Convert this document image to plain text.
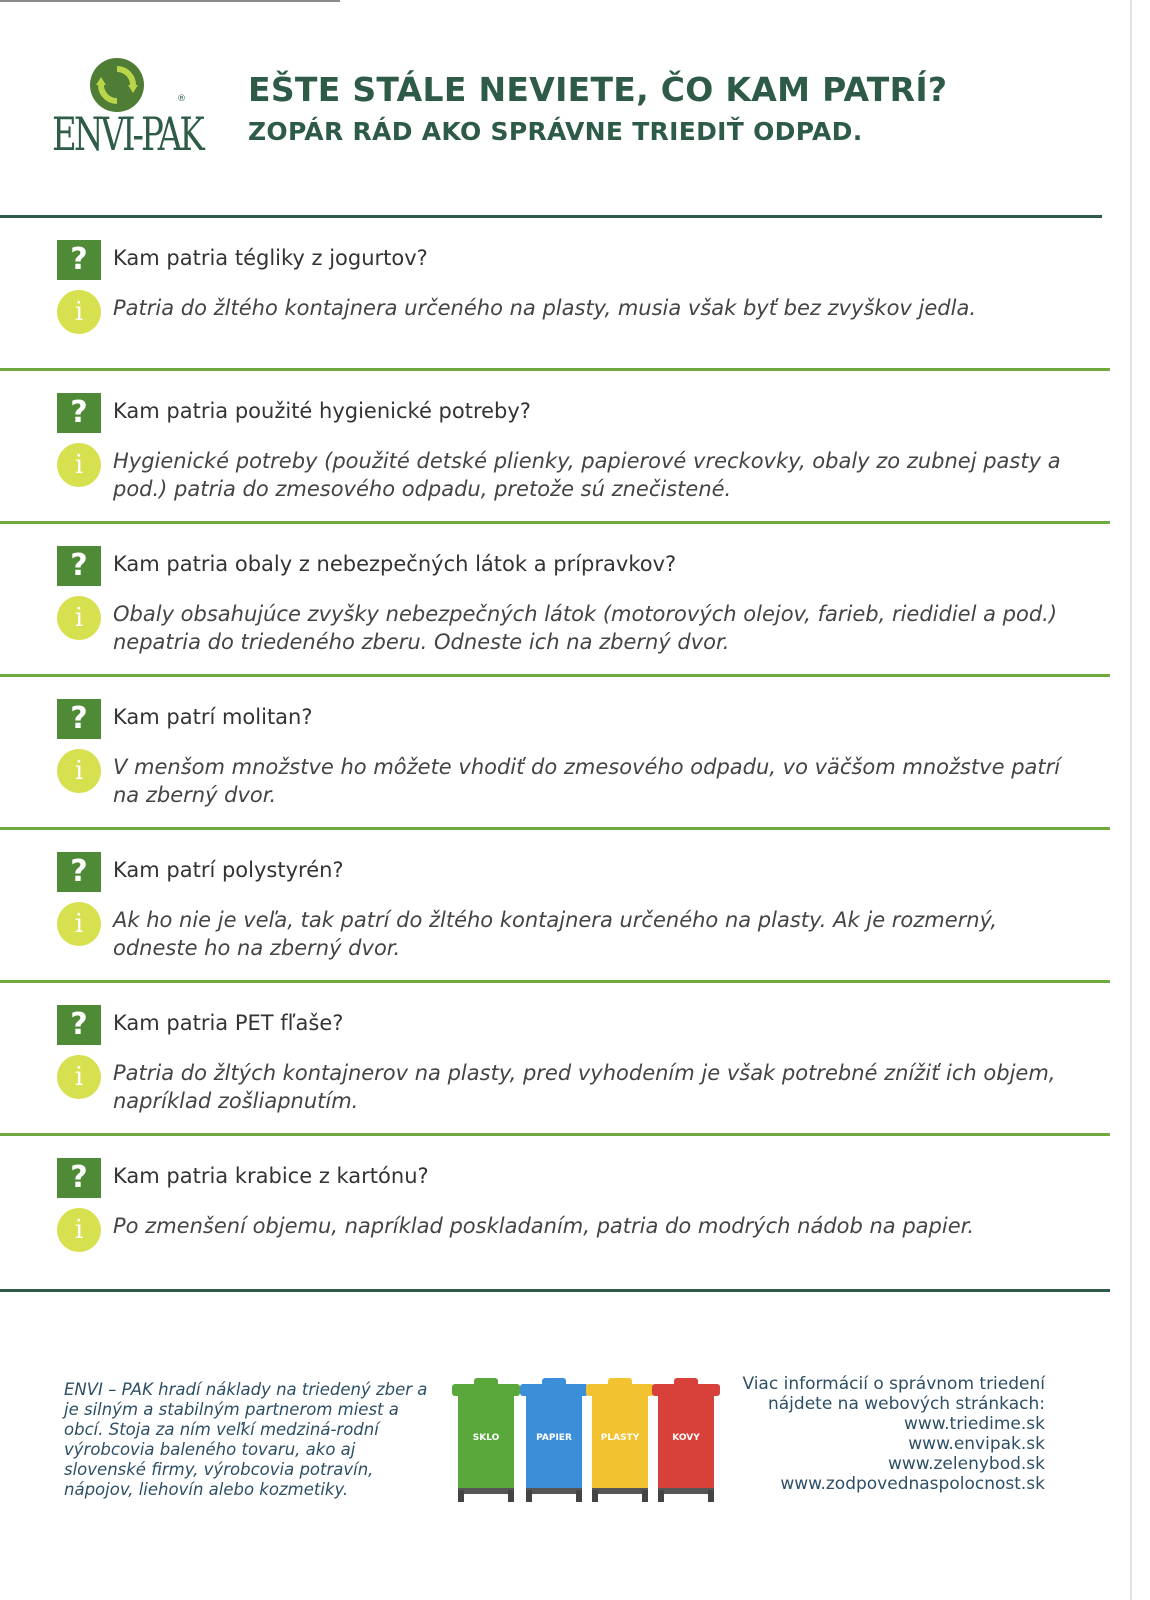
ENVI-PAK
® EŠTE STÁLE NEVIETE, ČO KAM PATRÍ?
ZOPÁR RÁD AKO SPRÁVNE TRIEDIŤ ODPAD.
?	Kam patria tégliky z jogurtov?
i	Patria do žltého kontajnera určeného na plasty, musia však byť bez zvyškov jedla.
?	Kam patria použité hygienické potreby?
i	Hygienické potreby (použité detské plienky, papierové vreckovky, obaly zo zubnej pasty a pod.) patria do zmesového odpadu, pretože sú znečistené.
?	Kam patria obaly z nebezpečných látok a prípravkov?
i	Obaly obsahujúce zvyšky nebezpečných látok (motorových olejov, farieb, riedidiel a pod.) nepatria do triedeného zberu. Odneste ich na zberný dvor.
?	Kam patrí molitan?
i	V menšom množstve ho môžete vhodiť do zmesového odpadu, vo väčšom množstve patrí na zberný dvor.
?	Kam patrí polystyrén?
i	Ak ho nie je veľa, tak patrí do žltého kontajnera určeného na plasty. Ak je rozmerný, odneste ho na zberný dvor.
?	Kam patria PET fľaše?
i	Patria do žltých kontajnerov na plasty, pred vyhodením je však potrebné znížiť ich objem, napríklad zošliapnutím.
?	Kam patria krabice z kartónu?
i	Po zmenšení objemu, napríklad poskladaním, patria do modrých nádob na papier.
ENVI – PAK hradí náklady na triedený zber a je silným a stabilným partnerom miest a obcí. Stoja za ním veľkí medziná-rodní výrobcovia baleného tovaru, ako aj slovenské firmy, výrobcovia potravín, nápojov, liehovín alebo kozmetiky.
SKLO	PAPIER	PLASTY	KOVY
Viac informácií o správnom triedení
nájdete na webových stránkach:
www.triedime.sk
www.envipak.sk
www.zelenybod.sk
www.zodpovednaspolocnost.sk
